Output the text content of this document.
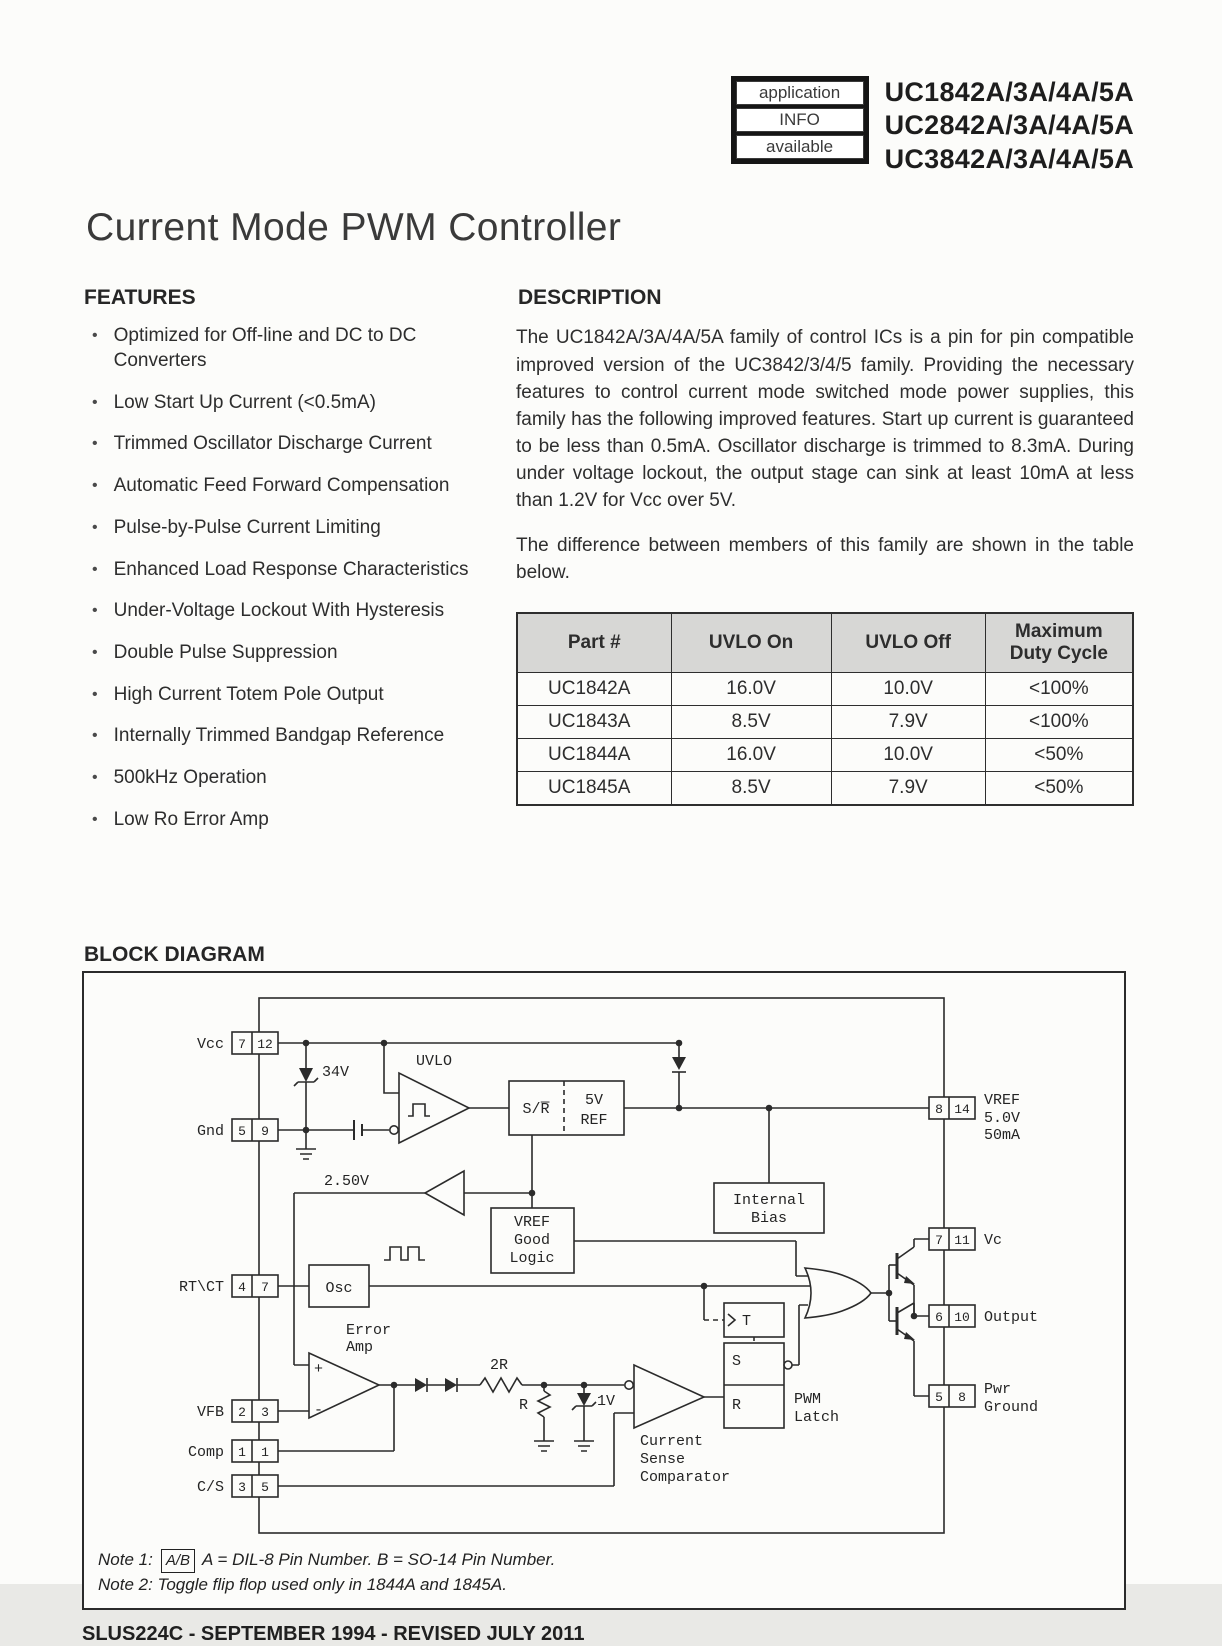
application
INFO
available
UC1842A/3A/4A/5A
UC2842A/3A/4A/5A
UC3842A/3A/4A/5A
Current Mode PWM Controller
FEATURES
• Optimized for Off-line and DC to DC Converters
• Low Start Up Current (<0.5mA)
• Trimmed Oscillator Discharge Current
• Automatic Feed Forward Compensation
• Pulse-by-Pulse Current Limiting
• Enhanced Load Response Characteristics
• Under-Voltage Lockout With Hysteresis
• Double Pulse Suppression
• High Current Totem Pole Output
• Internally Trimmed Bandgap Reference
• 500kHz Operation
• Low Ro Error Amp
DESCRIPTION
The UC1842A/3A/4A/5A family of control ICs is a pin for pin compatible improved version of the UC3842/3/4/5 family. Providing the necessary features to control current mode switched mode power supplies, this family has the following improved features. Start up current is guaranteed to be less than 0.5mA. Oscillator discharge is trimmed to 8.3mA. During under voltage lockout, the output stage can sink at least 10mA at less than 1.2V for Vcc over 5V.
The difference between members of this family are shown in the table below.
Part #	UVLO On	UVLO Off	Maximum Duty Cycle
UC1842A	16.0V	10.0V	<100%
UC1843A	8.5V	7.9V	<100%
UC1844A	16.0V	10.0V	<50%
UC1845A	8.5V	7.9V	<50%
BLOCK DIAGRAM
7 12
5 9
4 7
2 3
1 1
3 5
8 14
7 11
6 10
5 8
Vcc
Gnd
RT\CT
VFB
Comp
C/S
34V
UVLO
S/R̅
5V
REF
2.50V
VREF
Good
Logic
Internal
Bias
Osc
T
Error
Amp
+
-
2R
R	1V
S
R	PWM
Latch
Current
Sense
Comparator
VREF
5.0V
50mA
Vc
Output
Pwr
Ground
Note 1: A/B A = DIL-8 Pin Number. B = SO-14 Pin Number.
Note 2: Toggle flip flop used only in 1844A and 1845A.
SLUS224C - SEPTEMBER 1994 - REVISED JULY 2011
